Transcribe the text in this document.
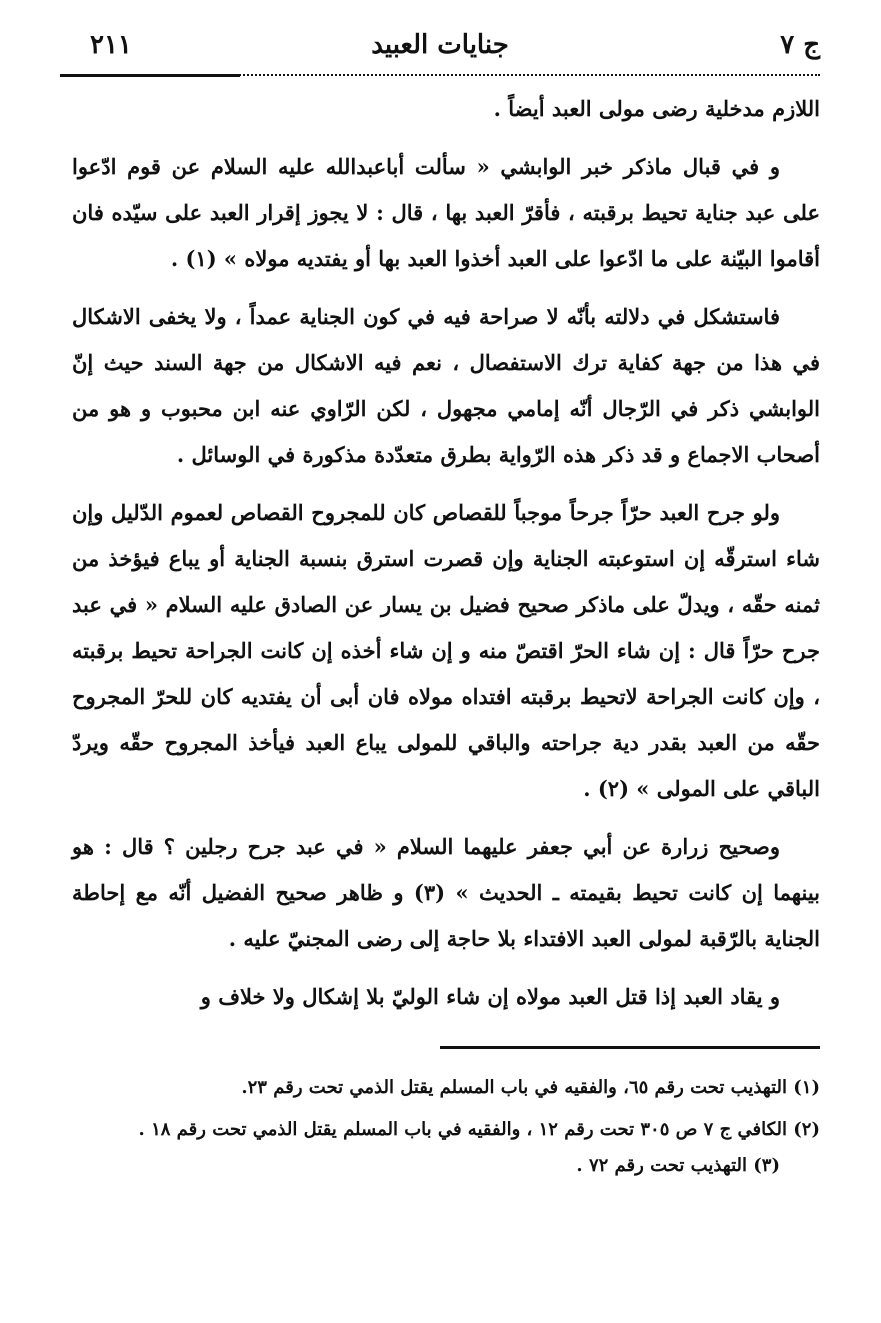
ج ٧
جنايات العبيد
٢١١

اللازم مدخلية رضى مولى العبد أيضاً .

و في قبال ماذكر خبر الوابشي « سألت أباعبدالله عليه السلام عن قوم ادّعوا على عبد جناية تحيط برقبته ، فأقرّ العبد بها ، قال : لا يجوز إقرار العبد على سيّده فان أقاموا البيّنة على ما ادّعوا على العبد أخذوا العبد بها أو يفتديه مولاه » (١) .

فاستشكل في دلالته بأنّه لا صراحة فيه في كون الجناية عمداً ، ولا يخفى الاشكال في هذا من جهة كفاية ترك الاستفصال ، نعم فيه الاشكال من جهة السند حيث إنّ الوابشي ذكر في الرّجال أنّه إمامي مجهول ، لكن الرّاوي عنه ابن محبوب و هو من أصحاب الاجماع و قد ذكر هذه الرّواية بطرق متعدّدة مذكورة في الوسائل .

ولو جرح العبد حرّاً جرحاً موجباً للقصاص كان للمجروح القصاص لعموم الدّليل وإن شاء استرقّه إن استوعبته الجناية وإن قصرت استرق بنسبة الجناية أو يباع فيؤخذ من ثمنه حقّه ، ويدلّ على ماذكر صحيح فضيل بن يسار عن الصادق عليه السلام « في عبد جرح حرّاً قال : إن شاء الحرّ اقتصّ منه و إن شاء أخذه إن كانت الجراحة تحيط برقبته ، وإن كانت الجراحة لاتحيط برقبته افتداه مولاه فان أبى أن يفتديه كان للحرّ المجروح حقّه من العبد بقدر دية جراحته والباقي للمولى يباع العبد فيأخذ المجروح حقّه ويردّ الباقي على المولى » (٢) .

وصحيح زرارة عن أبي جعفر عليهما السلام « في عبد جرح رجلين ؟ قال : هو بينهما إن كانت تحيط بقيمته ـ الحديث » (٣) و ظاهر صحيح الفضيل أنّه مع إحاطة الجناية بالرّقبة لمولى العبد الافتداء بلا حاجة إلى رضى المجنيّ عليه .

و يقاد العبد إذا قتل العبد مولاه إن شاء الوليّ بلا إشكال ولا خلاف و

(١) التهذيب تحت رقم ٦٥، والفقيه في باب المسلم يقتل الذمي تحت رقم ٢٣.

(٢) الكافي ج ٧ ص ٣٠٥ تحت رقم ١٢ ، والفقيه في باب المسلم يقتل الذمي تحت رقم ١٨ . (٣) التهذيب تحت رقم ٧٢ .
